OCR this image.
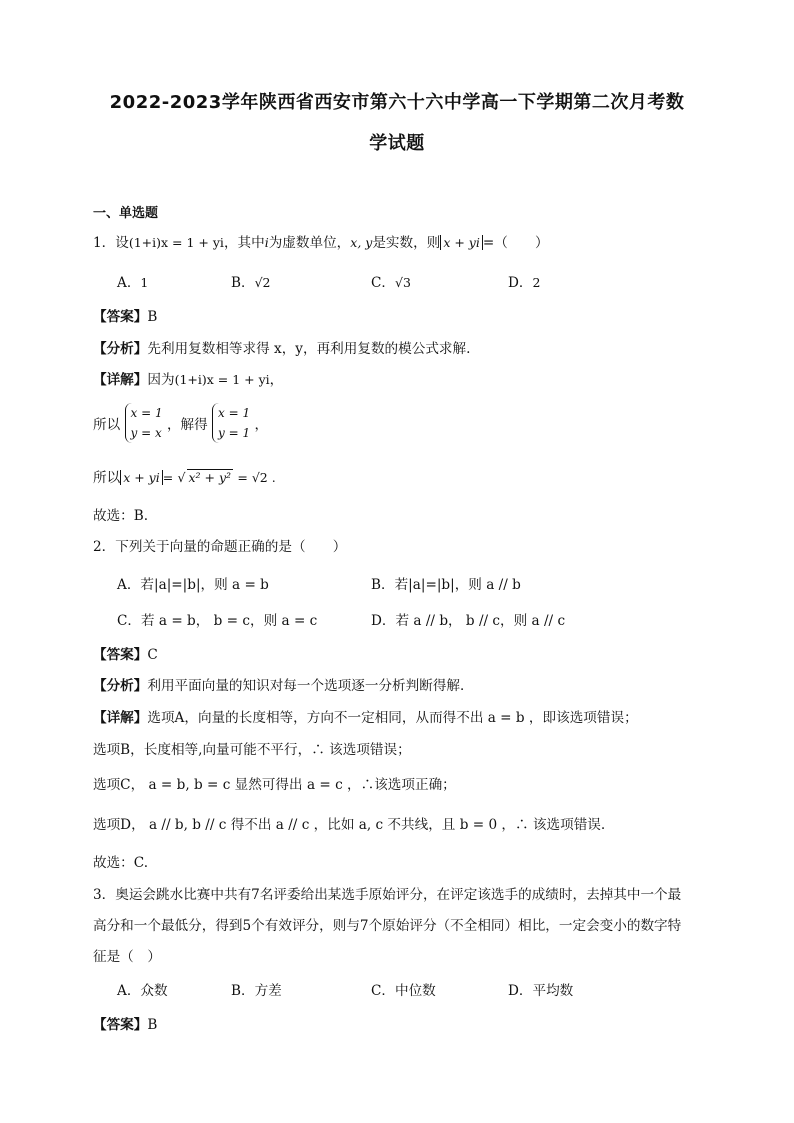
2022-2023学年陕西省西安市第六十六中学高一下学期第二次月考数
学试题
一、单选题
1．设(1+i)x = 1 + yi，其中i为虚数单位，x, y是实数，则 x + yi =（　　）
A．1	B．√2	C．√3	D．2
【答案】B
【分析】先利用复数相等求得 x，y，再利用复数的模公式求解.
【详解】因为(1+i)x = 1 + yi，
所以 x = 1
y = x ，解得 x = 1
y = 1 ，
所以 x + yi = √ x² + y² = √2 .
故选：B.
2．下列关于向量的命题正确的是（　　）
A．若|a|=|b|，则 a = b	B．若|a|=|b|，则 a // b
C．若 a = b， b = c，则 a = c	D．若 a // b， b // c，则 a // c
【答案】C
【分析】利用平面向量的知识对每一个选项逐一分析判断得解．
【详解】选项A，向量的长度相等，方向不一定相同，从而得不出 a = b ，即该选项错误；
选项B，长度相等,向量可能不平行，∴ 该选项错误；
选项C， a = b, b = c 显然可得出 a = c ，∴该选项正确；
选项D， a // b, b // c 得不出 a // c ，比如 a, c 不共线，且 b = 0 ，∴ 该选项错误.
故选：C.
3．奥运会跳水比赛中共有7名评委给出某选手原始评分，在评定该选手的成绩时，去掉其中一个最
高分和一个最低分，得到5个有效评分，则与7个原始评分（不全相同）相比，一定会变小的数字特
征是（　）
A．众数	B．方差	C．中位数	D．平均数
【答案】B
